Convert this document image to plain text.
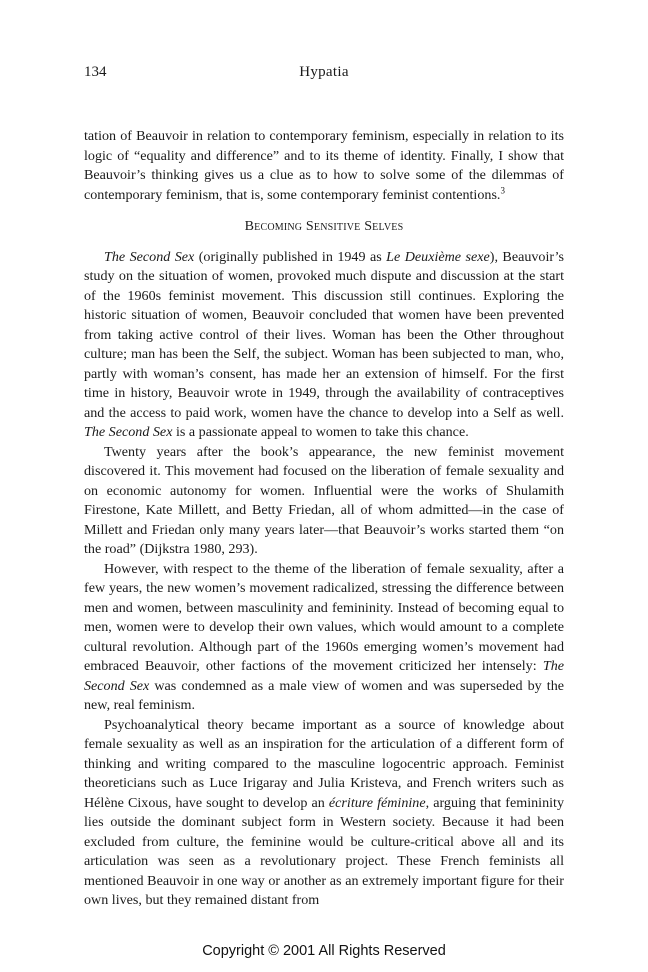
134	Hypatia

tation of Beauvoir in relation to contemporary feminism, especially in relation to its logic of “equality and difference” and to its theme of identity. Finally, I show that Beauvoir’s thinking gives us a clue as to how to solve some of the dilemmas of contemporary feminism, that is, some contemporary feminist contentions.$^3$

Becoming Sensitive Selves

The Second Sex (originally published in 1949 as Le Deuxième sexe), Beauvoir’s study on the situation of women, provoked much dispute and discussion at the start of the 1960s feminist movement. This discussion still continues. Exploring the historic situation of women, Beauvoir concluded that women have been prevented from taking active control of their lives. Woman has been the Other throughout culture; man has been the Self, the subject. Woman has been subjected to man, who, partly with woman’s consent, has made her an extension of himself. For the first time in history, Beauvoir wrote in 1949, through the availability of contraceptives and the access to paid work, women have the chance to develop into a Self as well. The Second Sex is a passionate appeal to women to take this chance.

Twenty years after the book’s appearance, the new feminist movement discovered it. This movement had focused on the liberation of female sexuality and on economic autonomy for women. Influential were the works of Shulamith Firestone, Kate Millett, and Betty Friedan, all of whom admitted—in the case of Millett and Friedan only many years later—that Beauvoir’s works started them “on the road” (Dijkstra 1980, 293).

However, with respect to the theme of the liberation of female sexuality, after a few years, the new women’s movement radicalized, stressing the difference between men and women, between masculinity and femininity. Instead of becoming equal to men, women were to develop their own values, which would amount to a complete cultural revolution. Although part of the 1960s emerging women’s movement had embraced Beauvoir, other factions of the movement criticized her intensely: The Second Sex was condemned as a male view of women and was superseded by the new, real feminism.

Psychoanalytical theory became important as a source of knowledge about female sexuality as well as an inspiration for the articulation of a different form of thinking and writing compared to the masculine logocentric approach. Feminist theoreticians such as Luce Irigaray and Julia Kristeva, and French writers such as Hélène Cixous, have sought to develop an écriture féminine, arguing that femininity lies outside the dominant subject form in Western society. Because it had been excluded from culture, the feminine would be culture-critical above all and its articulation was seen as a revolutionary project. These French feminists all mentioned Beauvoir in one way or another as an extremely important figure for their own lives, but they remained distant from

Copyright © 2001 All Rights Reserved
